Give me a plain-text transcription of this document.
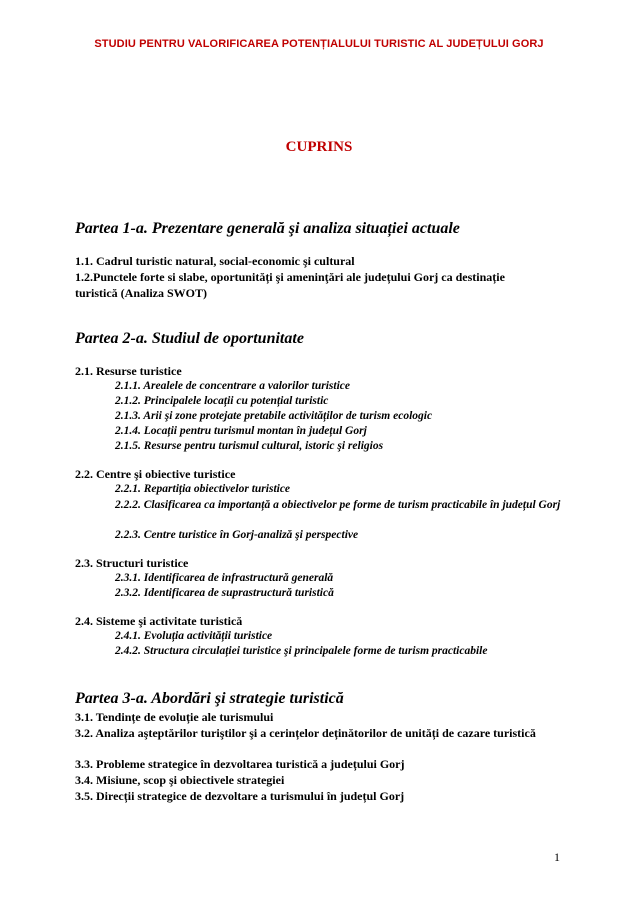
STUDIU PENTRU VALORIFICAREA POTENȚIALULUI TURISTIC AL JUDEȚULUI GORJ
CUPRINS
Partea 1-a. Prezentare generală şi analiza situației actuale
1.1. Cadrul turistic natural, social-economic şi cultural
1.2.Punctele forte si slabe, oportunități şi ameninţări ale județului Gorj ca destinație turistică (Analiza SWOT)
Partea 2-a. Studiul de oportunitate
2.1. Resurse turistice
2.1.1. Arealele de concentrare a valorilor turistice
2.1.2. Principalele locații cu potențial turistic
2.1.3. Arii şi zone protejate pretabile activităților de turism ecologic
2.1.4. Locații pentru turismul montan în județul Gorj
2.1.5. Resurse pentru turismul cultural, istoric şi religios
2.2. Centre şi obiective turistice
2.2.1. Repartiția obiectivelor turistice
2.2.2. Clasificarea ca importanță a obiectivelor pe forme de turism practicabile în județul Gorj
2.2.3. Centre turistice în Gorj-analiză şi perspective
2.3. Structuri turistice
2.3.1. Identificarea de infrastructură generală
2.3.2. Identificarea de suprastructură turistică
2.4. Sisteme şi activitate turistică
2.4.1. Evoluția activității turistice
2.4.2. Structura circulației turistice şi principalele forme de turism practicabile
Partea 3-a. Abordări şi strategie turistică
3.1. Tendințe de evoluție ale turismului
3.2. Analiza aşteptărilor turiştilor şi a cerințelor deținătorilor de unități de cazare turistică
3.3. Probleme strategice în dezvoltarea turistică a județului Gorj
3.4. Misiune, scop şi obiectivele strategiei
3.5. Direcții strategice de dezvoltare a turismului în județul Gorj
1
